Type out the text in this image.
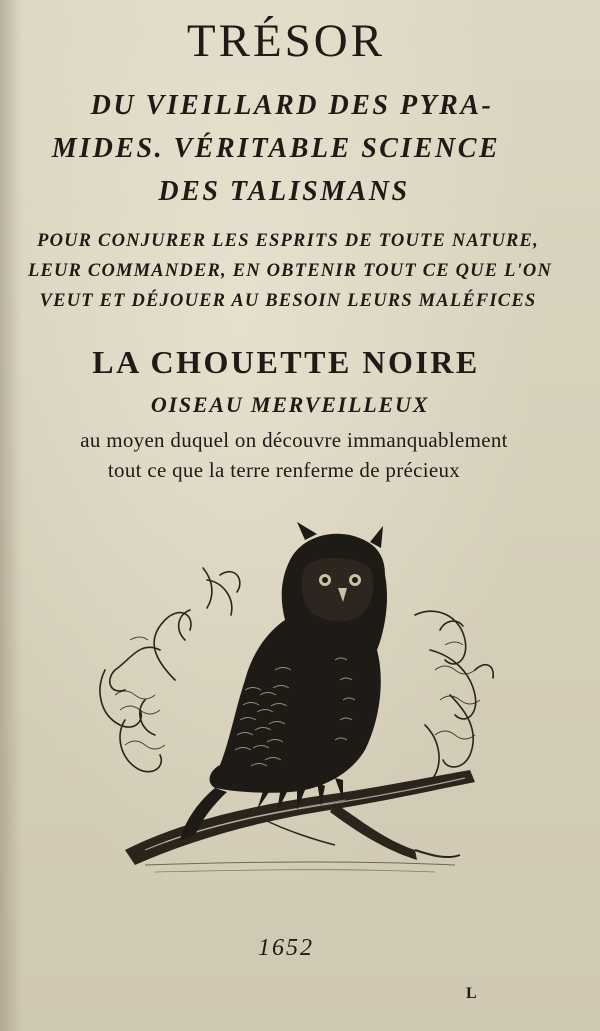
TRÉSOR
DU VIEILLARD DES PYRA-
MIDES. VÉRITABLE SCIENCE
DES TALISMANS
POUR CONJURER LES ESPRITS DE TOUTE NATURE,
LEUR COMMANDER, EN OBTENIR TOUT CE QUE L'ON
VEUT ET DÉJOUER AU BESOIN LEURS MALÉFICES
LA CHOUETTE NOIRE
OISEAU MERVEILLEUX
au moyen duquel on découvre immanquablement
tout ce que la terre renferme de précieux
1652
L
